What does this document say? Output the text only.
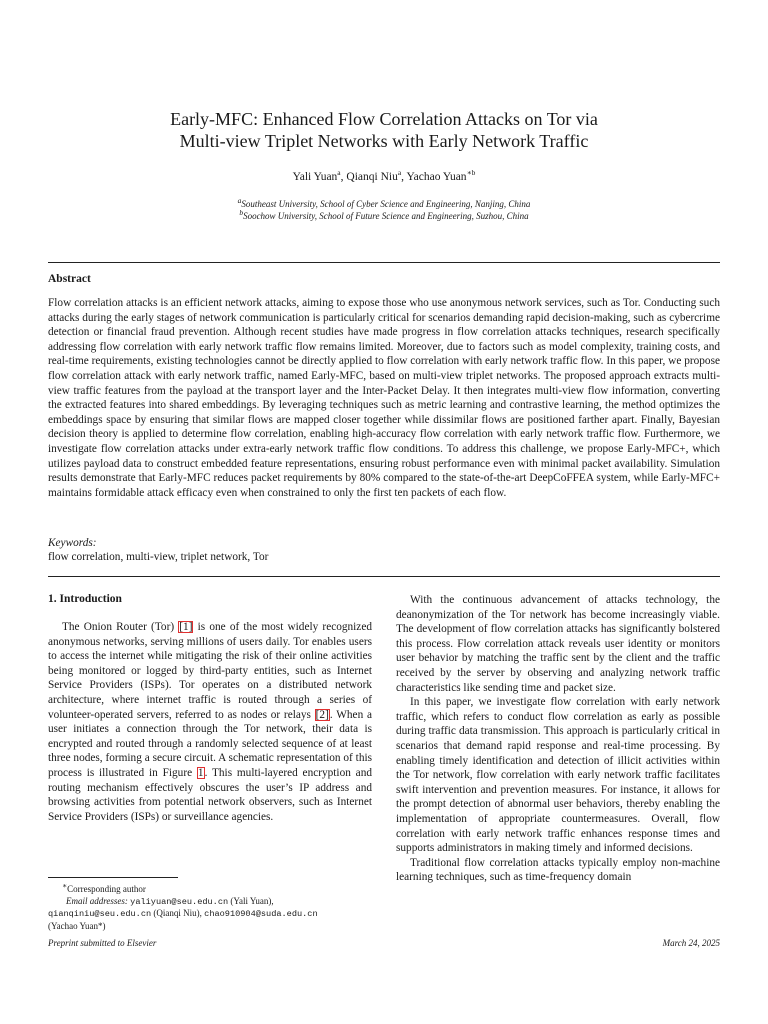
Early-MFC: Enhanced Flow Correlation Attacks on Tor via
Multi-view Triplet Networks with Early Network Traffic
Yali Yuan$^a$, Qianqi Niu$^a$, Yachao Yuan$^{∗b}$
$^a$Southeast University, School of Cyber Science and Engineering, Nanjing, China
$^b$Soochow University, School of Future Science and Engineering, Suzhou, China
Abstract
Flow correlation attacks is an efficient network attacks, aiming to expose those who use anonymous network services, such as Tor. Conducting such attacks during the early stages of network communication is particularly critical for scenarios demanding rapid decision-making, such as cybercrime detection or financial fraud prevention. Although recent studies have made progress in flow correlation attacks techniques, research specifically addressing flow correlation with early network traffic flow remains limited. Moreover, due to factors such as model complexity, training costs, and real-time requirements, existing technologies cannot be directly applied to flow correlation with early network traffic flow. In this paper, we propose flow correlation attack with early network traffic, named Early-MFC, based on multi-view triplet networks. The proposed approach extracts multi-view traffic features from the payload at the transport layer and the Inter-Packet Delay. It then integrates multi-view flow information, converting the extracted features into shared embeddings. By leveraging techniques such as metric learning and contrastive learning, the method optimizes the embeddings space by ensuring that similar flows are mapped closer together while dissimilar flows are positioned farther apart. Finally, Bayesian decision theory is applied to determine flow correlation, enabling high-accuracy flow correlation with early network traffic flow. Furthermore, we investigate flow correlation attacks under extra-early network traffic flow conditions. To address this challenge, we propose Early-MFC+, which utilizes payload data to construct embedded feature representations, ensuring robust performance even with minimal packet availability. Simulation results demonstrate that Early-MFC reduces packet requirements by 80% compared to the state-of-the-art DeepCoFFEA system, while Early-MFC+ maintains formidable attack efficacy even when constrained to only the first ten packets of each flow.
Keywords:
flow correlation, multi-view, triplet network, Tor
1. Introduction
The Onion Router (Tor) [1] is one of the most widely recognized anonymous networks, serving millions of users daily. Tor enables users to access the internet while mitigating the risk of their online activities being monitored or logged by third-party entities, such as Internet Service Providers (ISPs). Tor operates on a distributed network architecture, where internet traffic is routed through a series of volunteer-operated servers, referred to as nodes or relays [2]. When a user initiates a connection through the Tor network, their data is encrypted and routed through a randomly selected sequence of at least three nodes, forming a secure circuit. A schematic representation of this process is illustrated in Figure 1. This multi-layered encryption and routing mechanism effectively obscures the user’s IP address and browsing activities from potential network observers, such as Internet Service Providers (ISPs) or surveillance agencies.
With the continuous advancement of attacks technology, the deanonymization of the Tor network has become increasingly viable. The development of flow correlation attacks has significantly bolstered this process. Flow correlation attack reveals user identity or monitors user behavior by matching the traffic sent by the client and the traffic received by the server by observing and analyzing network traffic characteristics like sending time and packet size.
In this paper, we investigate flow correlation with early network traffic, which refers to conduct flow correlation as early as possible during traffic data transmission. This approach is particularly critical in scenarios that demand rapid response and real-time processing. By enabling timely identification and detection of illicit activities within the Tor network, flow correlation with early network traffic facilitates swift intervention and prevention measures. For instance, it allows for the prompt detection of abnormal user behaviors, thereby enabling the implementation of appropriate countermeasures. Overall, flow correlation with early network traffic enhances response times and supports administrators in making timely and informed decisions.
Traditional flow correlation attacks typically employ non-machine learning techniques, such as time-frequency domain
∗Corresponding author
Email addresses: yaliyuan@seu.edu.cn (Yali Yuan),
qianqiniu@seu.edu.cn (Qianqi Niu), chao910904@suda.edu.cn
(Yachao Yuan*)
Preprint submitted to Elsevier	March 24, 2025
